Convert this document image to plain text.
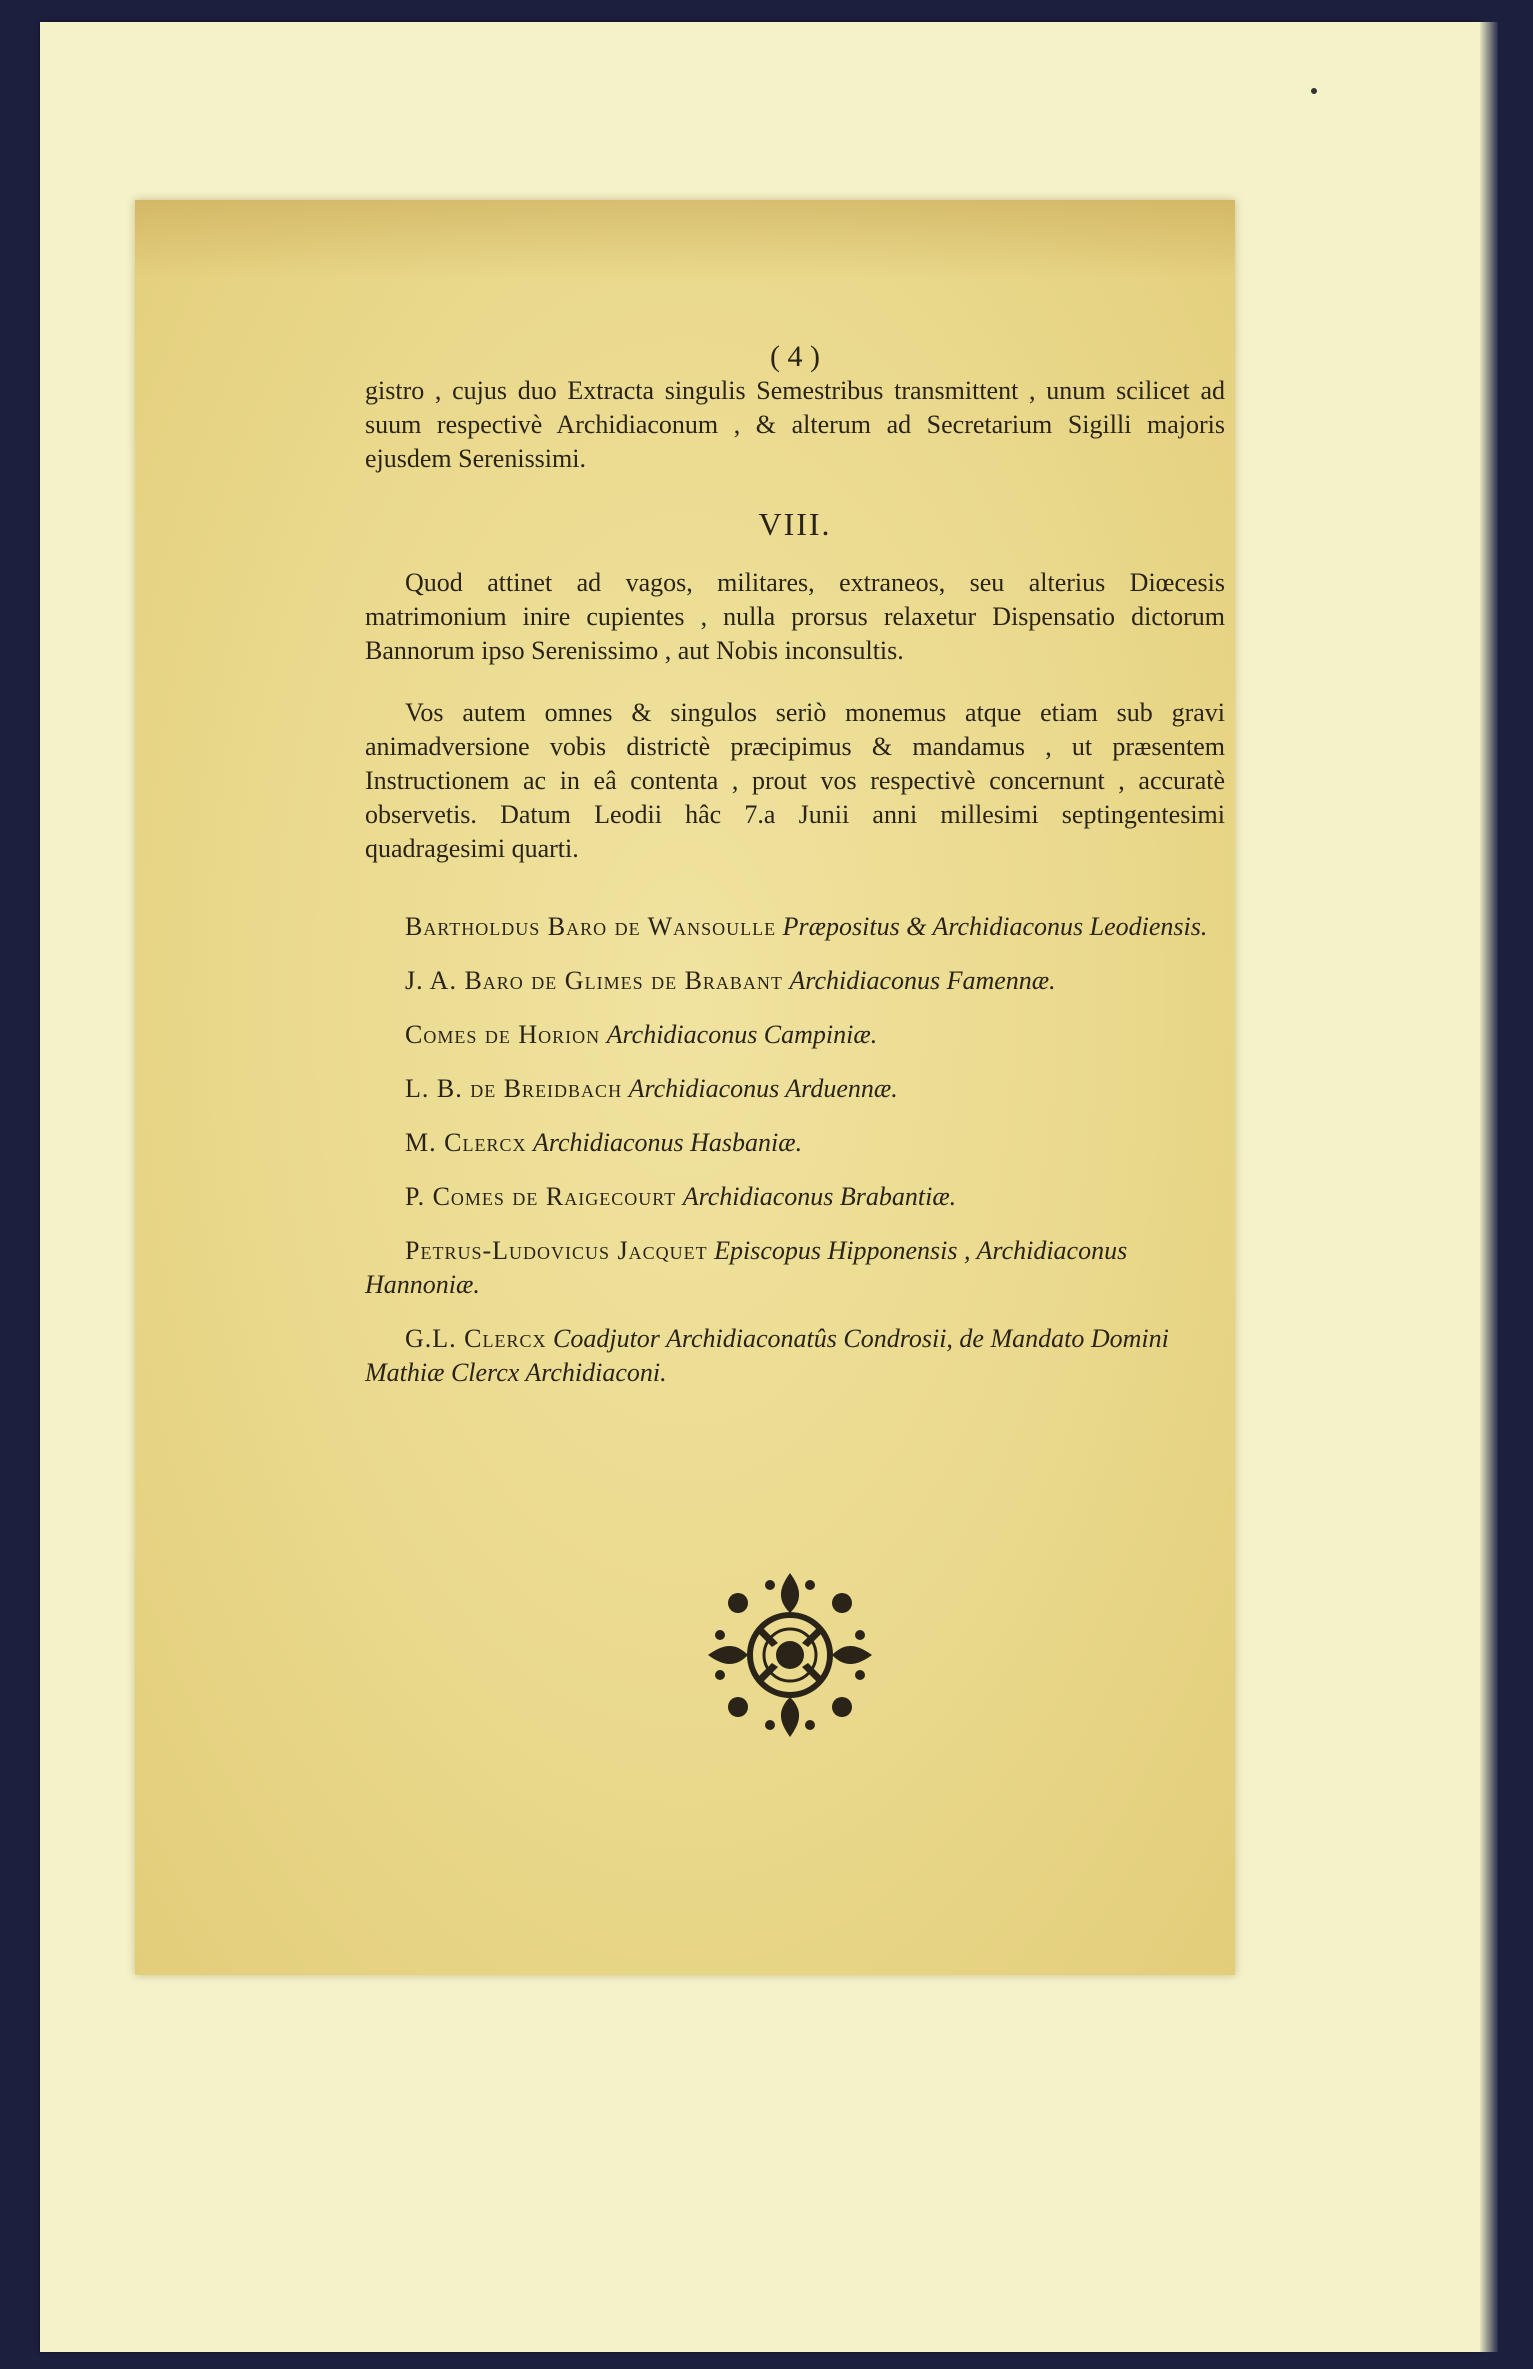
( 4 )

gistro , cujus duo Extracta singulis Semestribus transmittent , unum scilicet ad suum respectivè Archidiaconum , & alterum ad Secretarium Sigilli majoris ejusdem Serenissimi.

VIII.

Quod attinet ad vagos, militares, extraneos, seu alterius Diœcesis matrimonium inire cupientes , nulla prorsus relaxetur Dispensatio dictorum Bannorum ipso Serenissimo , aut Nobis inconsultis.

Vos autem omnes & singulos seriò monemus atque etiam sub gravi animadversione vobis districtè præcipimus & mandamus , ut præsentem Instructionem ac in eâ contenta , prout vos respectivè concernunt , accuratè observetis. Datum Leodii hâc 7.a Junii anni millesimi septingentesimi quadragesimi quarti.

Bartholdus Baro de Wansoulle Præpositus & Archidiaconus Leodiensis.

J. A. Baro de Glimes de Brabant Archidiaconus Famennæ.

Comes de Horion Archidiaconus Campiniæ.

L. B. de Breidbach Archidiaconus Arduennæ.

M. Clercx Archidiaconus Hasbaniæ.

P. Comes de Raigecourt Archidiaconus Brabantiæ.

Petrus-Ludovicus Jacquet Episcopus Hipponensis , Archidiaconus Hannoniæ.

G.L. Clercx Coadjutor Archidiaconatûs Condrosii, de Mandato Domini Mathiæ Clercx Archidiaconi.
